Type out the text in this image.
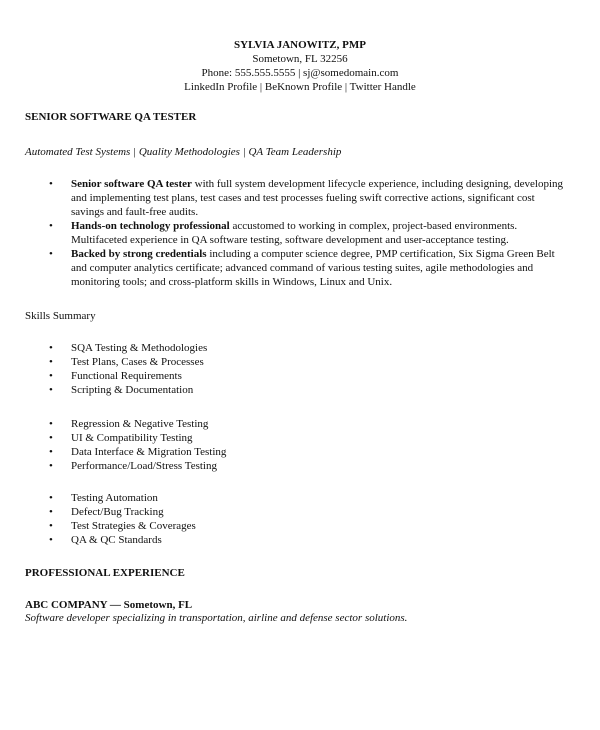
SYLVIA JANOWITZ, PMP
Sometown, FL 32256
Phone: 555.555.5555 | sj@somedomain.com
LinkedIn Profile | BeKnown Profile | Twitter Handle
SENIOR SOFTWARE QA TESTER
Automated Test Systems | Quality Methodologies | QA Team Leadership
• Senior software QA tester with full system development lifecycle experience, including designing, developing and implementing test plans, test cases and test processes fueling swift corrective actions, significant cost savings and fault-free audits.
• Hands-on technology professional accustomed to working in complex, project-based environments. Multifaceted experience in QA software testing, software development and user-acceptance testing.
• Backed by strong credentials including a computer science degree, PMP certification, Six Sigma Green Belt and computer analytics certificate; advanced command of various testing suites, agile methodologies and monitoring tools; and cross-platform skills in Windows, Linux and Unix.
Skills Summary
• SQA Testing & Methodologies
• Test Plans, Cases & Processes
• Functional Requirements
• Scripting & Documentation
• Regression & Negative Testing
• UI & Compatibility Testing
• Data Interface & Migration Testing
• Performance/Load/Stress Testing
• Testing Automation
• Defect/Bug Tracking
• Test Strategies & Coverages
• QA & QC Standards
PROFESSIONAL EXPERIENCE
ABC COMPANY — Sometown, FL
Software developer specializing in transportation, airline and defense sector solutions.
